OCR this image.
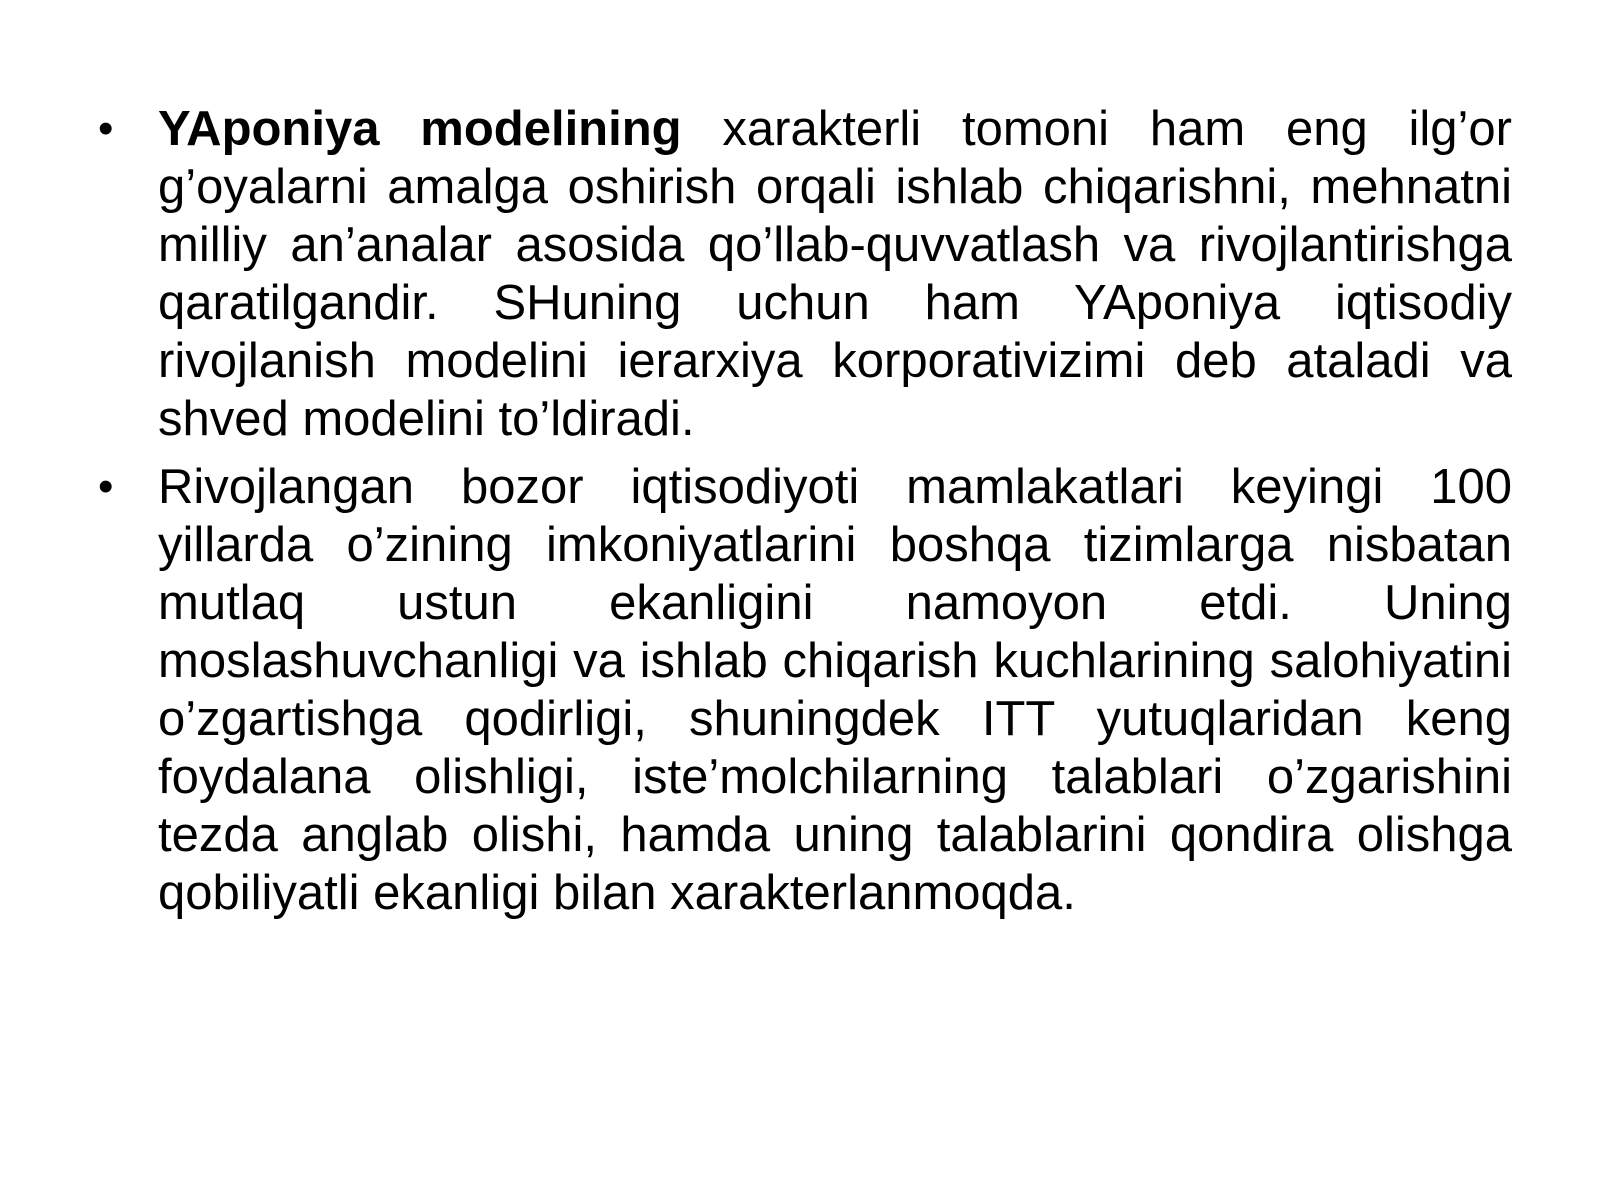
• YAponiya modelining xarakterli tomoni ham eng ilg’or g’oyalarni amalga oshirish orqali ishlab chiqarishni, mehnatni milliy an’analar asosida qo’llab-quvvatlash va rivojlantirishga qaratilgandir. SHuning uchun ham YAponiya iqtisodiy rivojlanish modelini ierarxiya korporativizimi deb ataladi va shved modelini to’ldiradi.
• Rivojlangan bozor iqtisodiyoti mamlakatlari keyingi 100 yillarda o’zining imkoniyatlarini boshqa tizimlarga nisbatan mutlaq ustun ekanligini namoyon etdi. Uning moslashuvchanligi va ishlab chiqarish kuchlarining salohiyatini o’zgartishga qodirligi, shuningdek ITT yutuqlaridan keng foydalana olishligi, iste’molchilarning talablari o’zgarishini tezda anglab olishi, hamda uning talablarini qondira olishga qobiliyatli ekanligi bilan xarakterlanmoqda.
